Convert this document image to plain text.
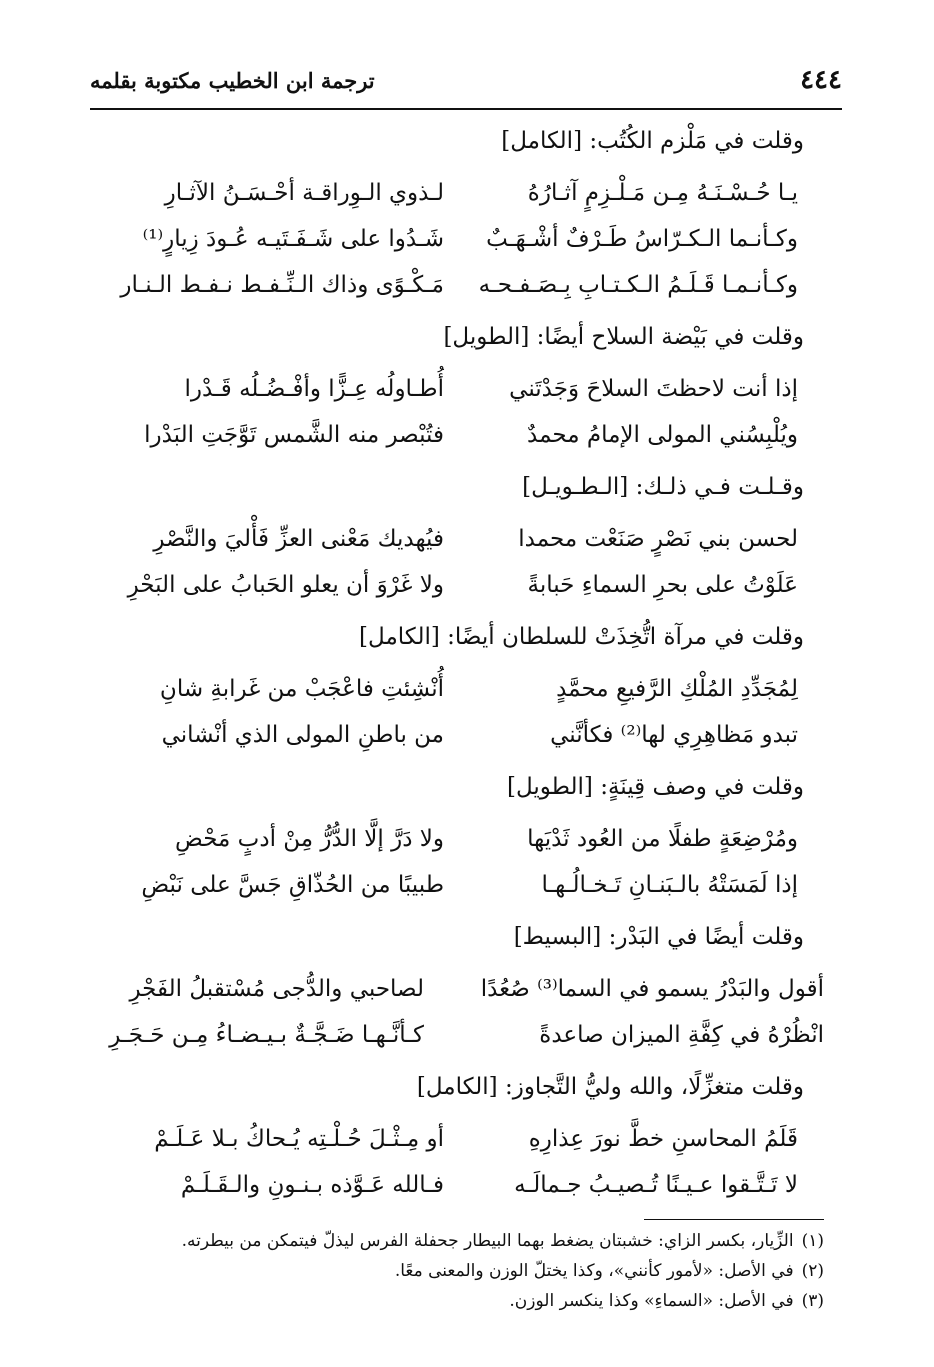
٤٤٤
ترجمة ابن الخطيب مكتوبة بقلمه
وقلت في مَلْزم الكُتُب: [الكامل]
يـا حُـسْـنَـهُ مِـن مَـلْـزِمٍ آثـارُهُ
لـذوي الـوِراقـة أحْـسَـنُ الآثـارِ
وكـأنـما الـكـرّاسُ طَـرْفٌ أشْـهَـبٌ
شَـدُوا على شَـفَـتَيـه عُـودَ زِيارٍ⁽¹⁾
وكـأنـمـا قَـلَـمُ الـكـتـابِ بِـصَـفـحـه
مَـكْـوًى وذاك الـنِّـفـط نـفـط الـنـار
وقلت في بَيْضة السلاح أيضًا: [الطويل]
إذا أنت لاحظتَ السلاحَ وَجَدْتَني
أُطـاولُه عِـزًّا وأفْـضُـلُه قَـدْرا
ويُلْبِسُني المولى الإمامُ محمدٌ
فتُبْصر منه الشَّمس تَوَّجَتِ البَدْرا
وقـلـت فـي ذلـك: [الـطـويـل]
لحسن بني نَصْرٍ صَنَعْت محمدا
فيُهديك مَعْنى العزِّ فَأْليَ والنَّصْرِ
عَلَوْتُ على بحرِ السماءِ حَبابةً
ولا غَرْوَ أن يعلو الحَبابُ على البَحْرِ
وقلت في مرآة اتُّخِذَتْ للسلطان أيضًا: [الكامل]
لِمُجَدِّدِ المُلْكِ الرَّفيعِ محمَّدٍ
أُنْشِئتِ فاعْجَبْ من غَرابةِ شانِ
تبدو مَظاهِرِي لها⁽²⁾ فكأنَّني
من باطنِ المولى الذي أنْشاني
وقلت في وصف قِينَةٍ: [الطويل]
ومُرْضِعَةٍ طفلًا من العُود ثَدْيَها
ولا دَرَّ إلَّا الدُّرُّ مِنْ أدبٍ مَحْضِ
إذا لَمَسَتْهُ بالـبَنـانِ تَـخـالُـهـا
طبيبًا من الحُذّاقِ جَسَّ على نَبْضِ
وقلت أيضًا في البَدْر: [البسيط]
أقول والبَدْرُ يسمو في السما⁽³⁾ صُعُدًا
لصاحبي والدُّجى مُسْتقبلُ الفَجْرِ
انْظُرْهُ في كِفَّةِ الميزان صاعدةً
كـأنَّـهـا ضَـجَّـةٌ بـيـضـاءُ مِـن حَـجَـرِ
وقلت متغزِّلًا، والله وليُّ التَّجاوز: [الكامل]
قَلَمُ المحاسنِ خطَّ نورَ عِذارِهِ
أو مِـثْـلَ حُـلْـتِه يُـحاكُ بـلا عَـلَـمْ
لا تَـتَّـقوا عـيـنًا تُـصيـبُ جـمالَـه
فـالله عَـوَّذه بـنـونِ والـقَـلَـمْ
(١)الزِّيار، بكسر الزاي: خشبتان يضغط بهما البيطار جحفلة الفرس ليذلّ فيتمكن من بيطرته.
(٢)في الأصل: «لأمور كأنني»، وكذا يختلّ الوزن والمعنى معًا.
(٣)في الأصل: «السماءِ» وكذا ينكسر الوزن.
